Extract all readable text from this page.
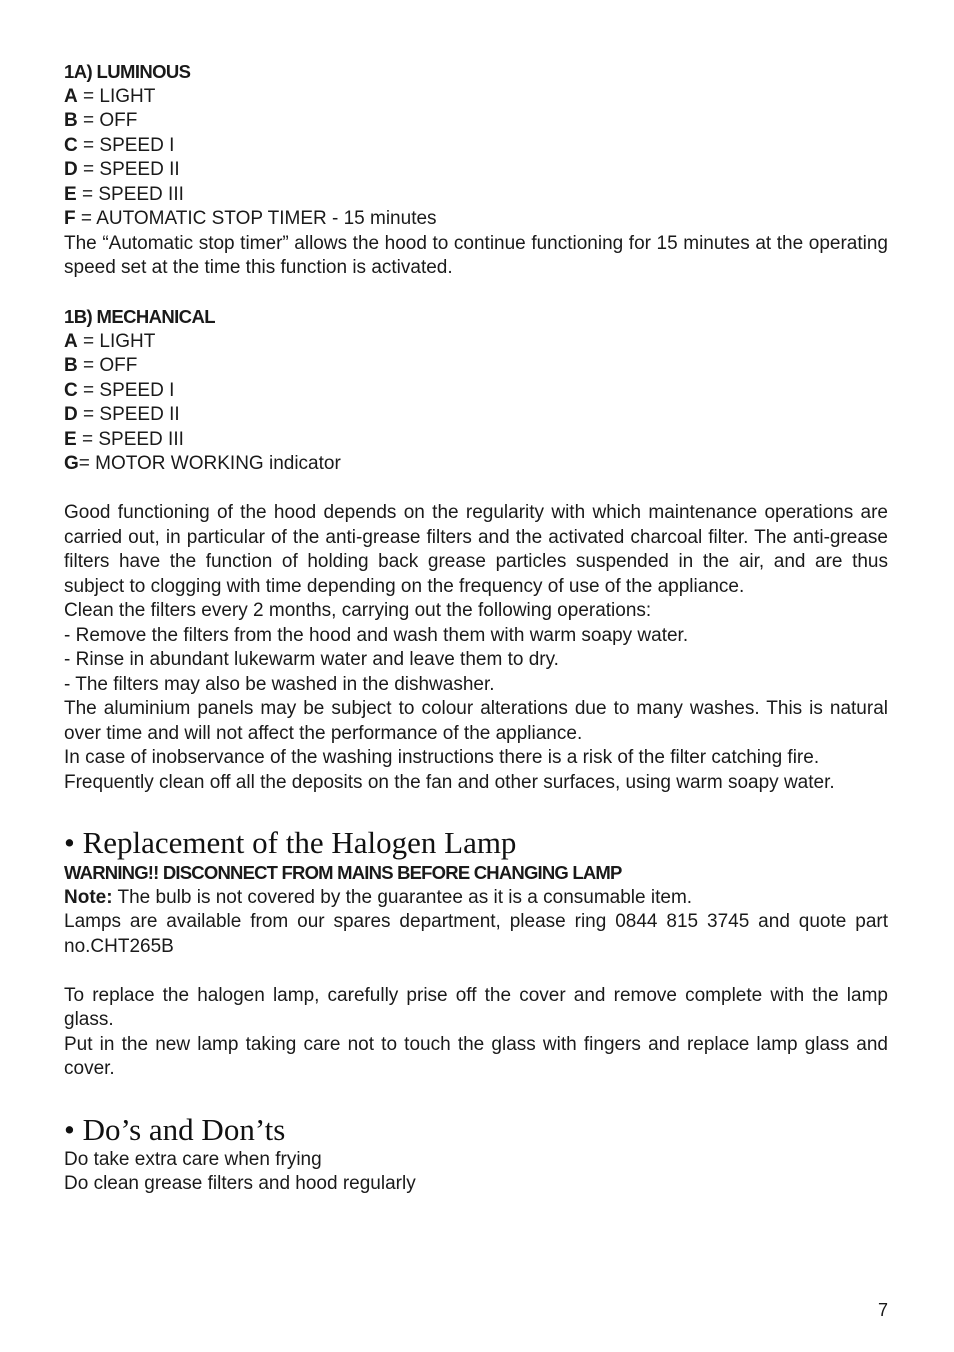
1A) LUMINOUS

A = LIGHT

B = OFF

C = SPEED I

D = SPEED II

E = SPEED III

F = AUTOMATIC STOP TIMER - 15 minutes

The “Automatic stop timer” allows the hood to continue functioning for 15 minutes at the operating speed set at the time this function is activated.

1B) MECHANICAL

A = LIGHT

B = OFF

C = SPEED I

D = SPEED II

E = SPEED III

G= MOTOR WORKING indicator

Good functioning of the hood depends on the regularity with which maintenance operations are carried out, in particular of the anti-grease filters and the activated charcoal filter. The anti-grease filters have the function of holding back grease particles suspended in the air, and are thus subject to clogging with time depending on the frequency of use of the appliance.

Clean the filters every 2 months, carrying out the following operations:

- Remove the filters from the hood and wash them with warm soapy water.

- Rinse in abundant lukewarm water and leave them to dry.

- The filters may also be washed in the dishwasher.

The aluminium panels may be subject to colour alterations due to many washes. This is natural over time and will not affect the performance of the appliance.

In case of inobservance of the washing instructions there is a risk of the filter catching fire.

Frequently clean off all the deposits on the fan and other surfaces, using warm soapy water.

• Replacement of the Halogen Lamp

WARNING!! DISCONNECT FROM MAINS BEFORE CHANGING LAMP

Note: The bulb is not covered by the guarantee as it is a consumable item.

Lamps are available from our spares department, please ring 0844 815 3745 and quote part no.CHT265B

To replace the halogen lamp, carefully prise off the cover and remove complete with the lamp glass.

Put in the new lamp taking care not to touch the glass with fingers and replace lamp glass and cover.

• Do’s and Don’ts

Do take extra care when frying

Do clean grease filters and hood regularly

7
